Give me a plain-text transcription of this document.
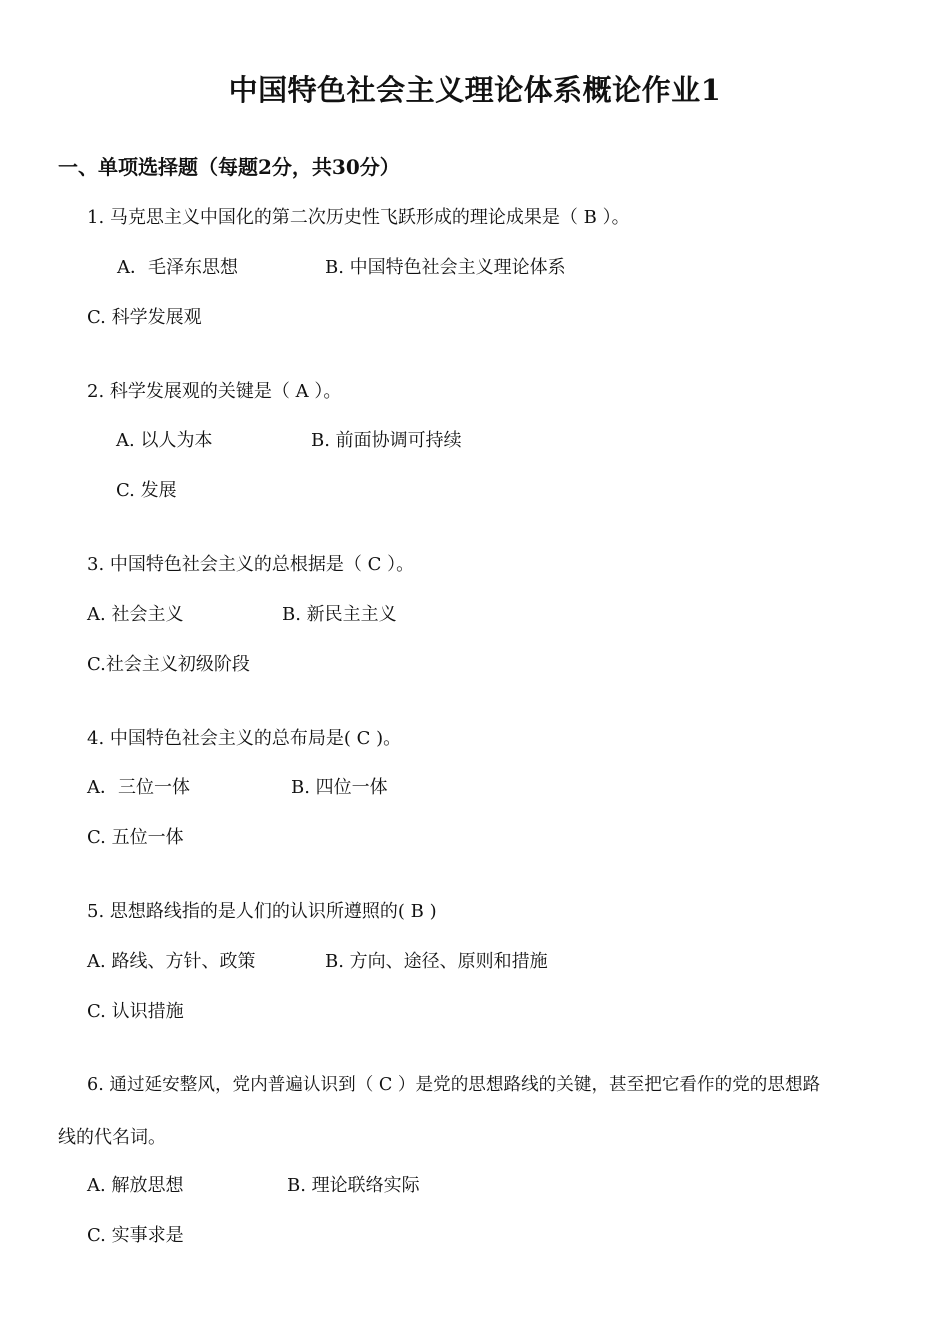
中国特色社会主义理论体系概论作业1
一、单项选择题（每题2分，共30分）
1. 马克思主义中国化的第二次历史性飞跃形成的理论成果是（ B ）。
A．毛泽东思想	B. 中国特色社会主义理论体系
C. 科学发展观
2. 科学发展观的关键是（ A ）。
A. 以人为本	B. 前面协调可持续
C. 发展
3. 中国特色社会主义的总根据是（ C ）。
A. 社会主义	B. 新民主主义
C.社会主义初级阶段
4. 中国特色社会主义的总布局是( C )。
A．三位一体	B. 四位一体
C. 五位一体
5. 思想路线指的是人们的认识所遵照的( B )
A. 路线、方针、政策	B. 方向、途径、原则和措施
C. 认识措施
6. 通过延安整风，党内普遍认识到（ C ）是党的思想路线的关键，甚至把它看作的党的思想路
线的代名词。
A. 解放思想	B. 理论联络实际
C. 实事求是
